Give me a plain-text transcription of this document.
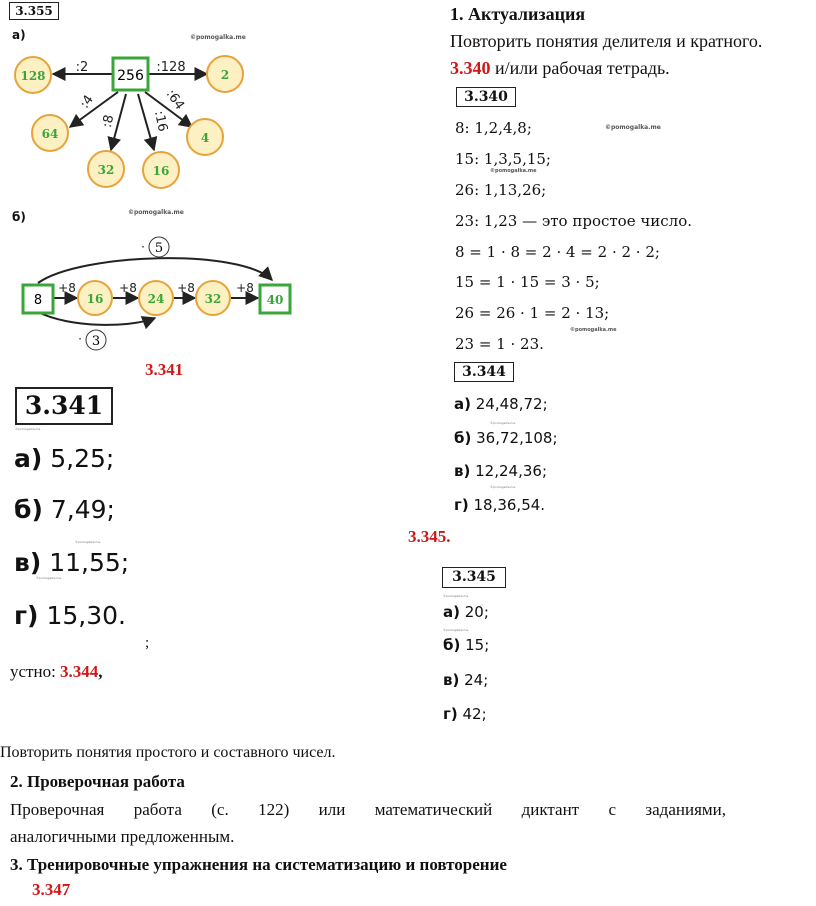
3.355
а)	©pomogalka.me
256
128	2
64
32	16
4
:2	:128
:4
:8	:16
:64
б)	©pomogalka.me
8	40
16	24	32
+8	+8	+8	+8
·
·
5
3
3.341
3.341
©pomogalka.me
а) 5,25;
б) 7,49;
©pomogalka.me
в) 11,55;
©pomogalka.me
г) 15,30.
;
устно: 3.344,
1. Актуализация
Повторить понятия делителя и кратного.
3.340 и/или рабочая тетрадь.
3.340
8: 1,2,4,8;	©pomogalka.me
15: 1,3,5,15;
©pomogalka.me
26: 1,13,26;
23: 1,23 — это простое число.
8 = 1 · 8 = 2 · 4 = 2 · 2 · 2;
15 = 1 · 15 = 3 · 5;
26 = 26 · 1 = 2 · 13;
©pomogalka.me
23 = 1 · 23.
3.344
а) 24,48,72;
©pomogalka.me
б) 36,72,108;
в) 12,24,36;
©pomogalka.me
г) 18,36,54.
3.345.
3.345
©pomogalka.me
а) 20;
©pomogalka.me
б) 15;
в) 24;
г) 42;
Повторить понятия простого и составного чисел.
2. Проверочная работа
Проверочная работа (с. 122) или математический диктант с заданиями,
аналогичными предложенным.
3. Тренировочные упражнения на систематизацию и повторение
3.347
